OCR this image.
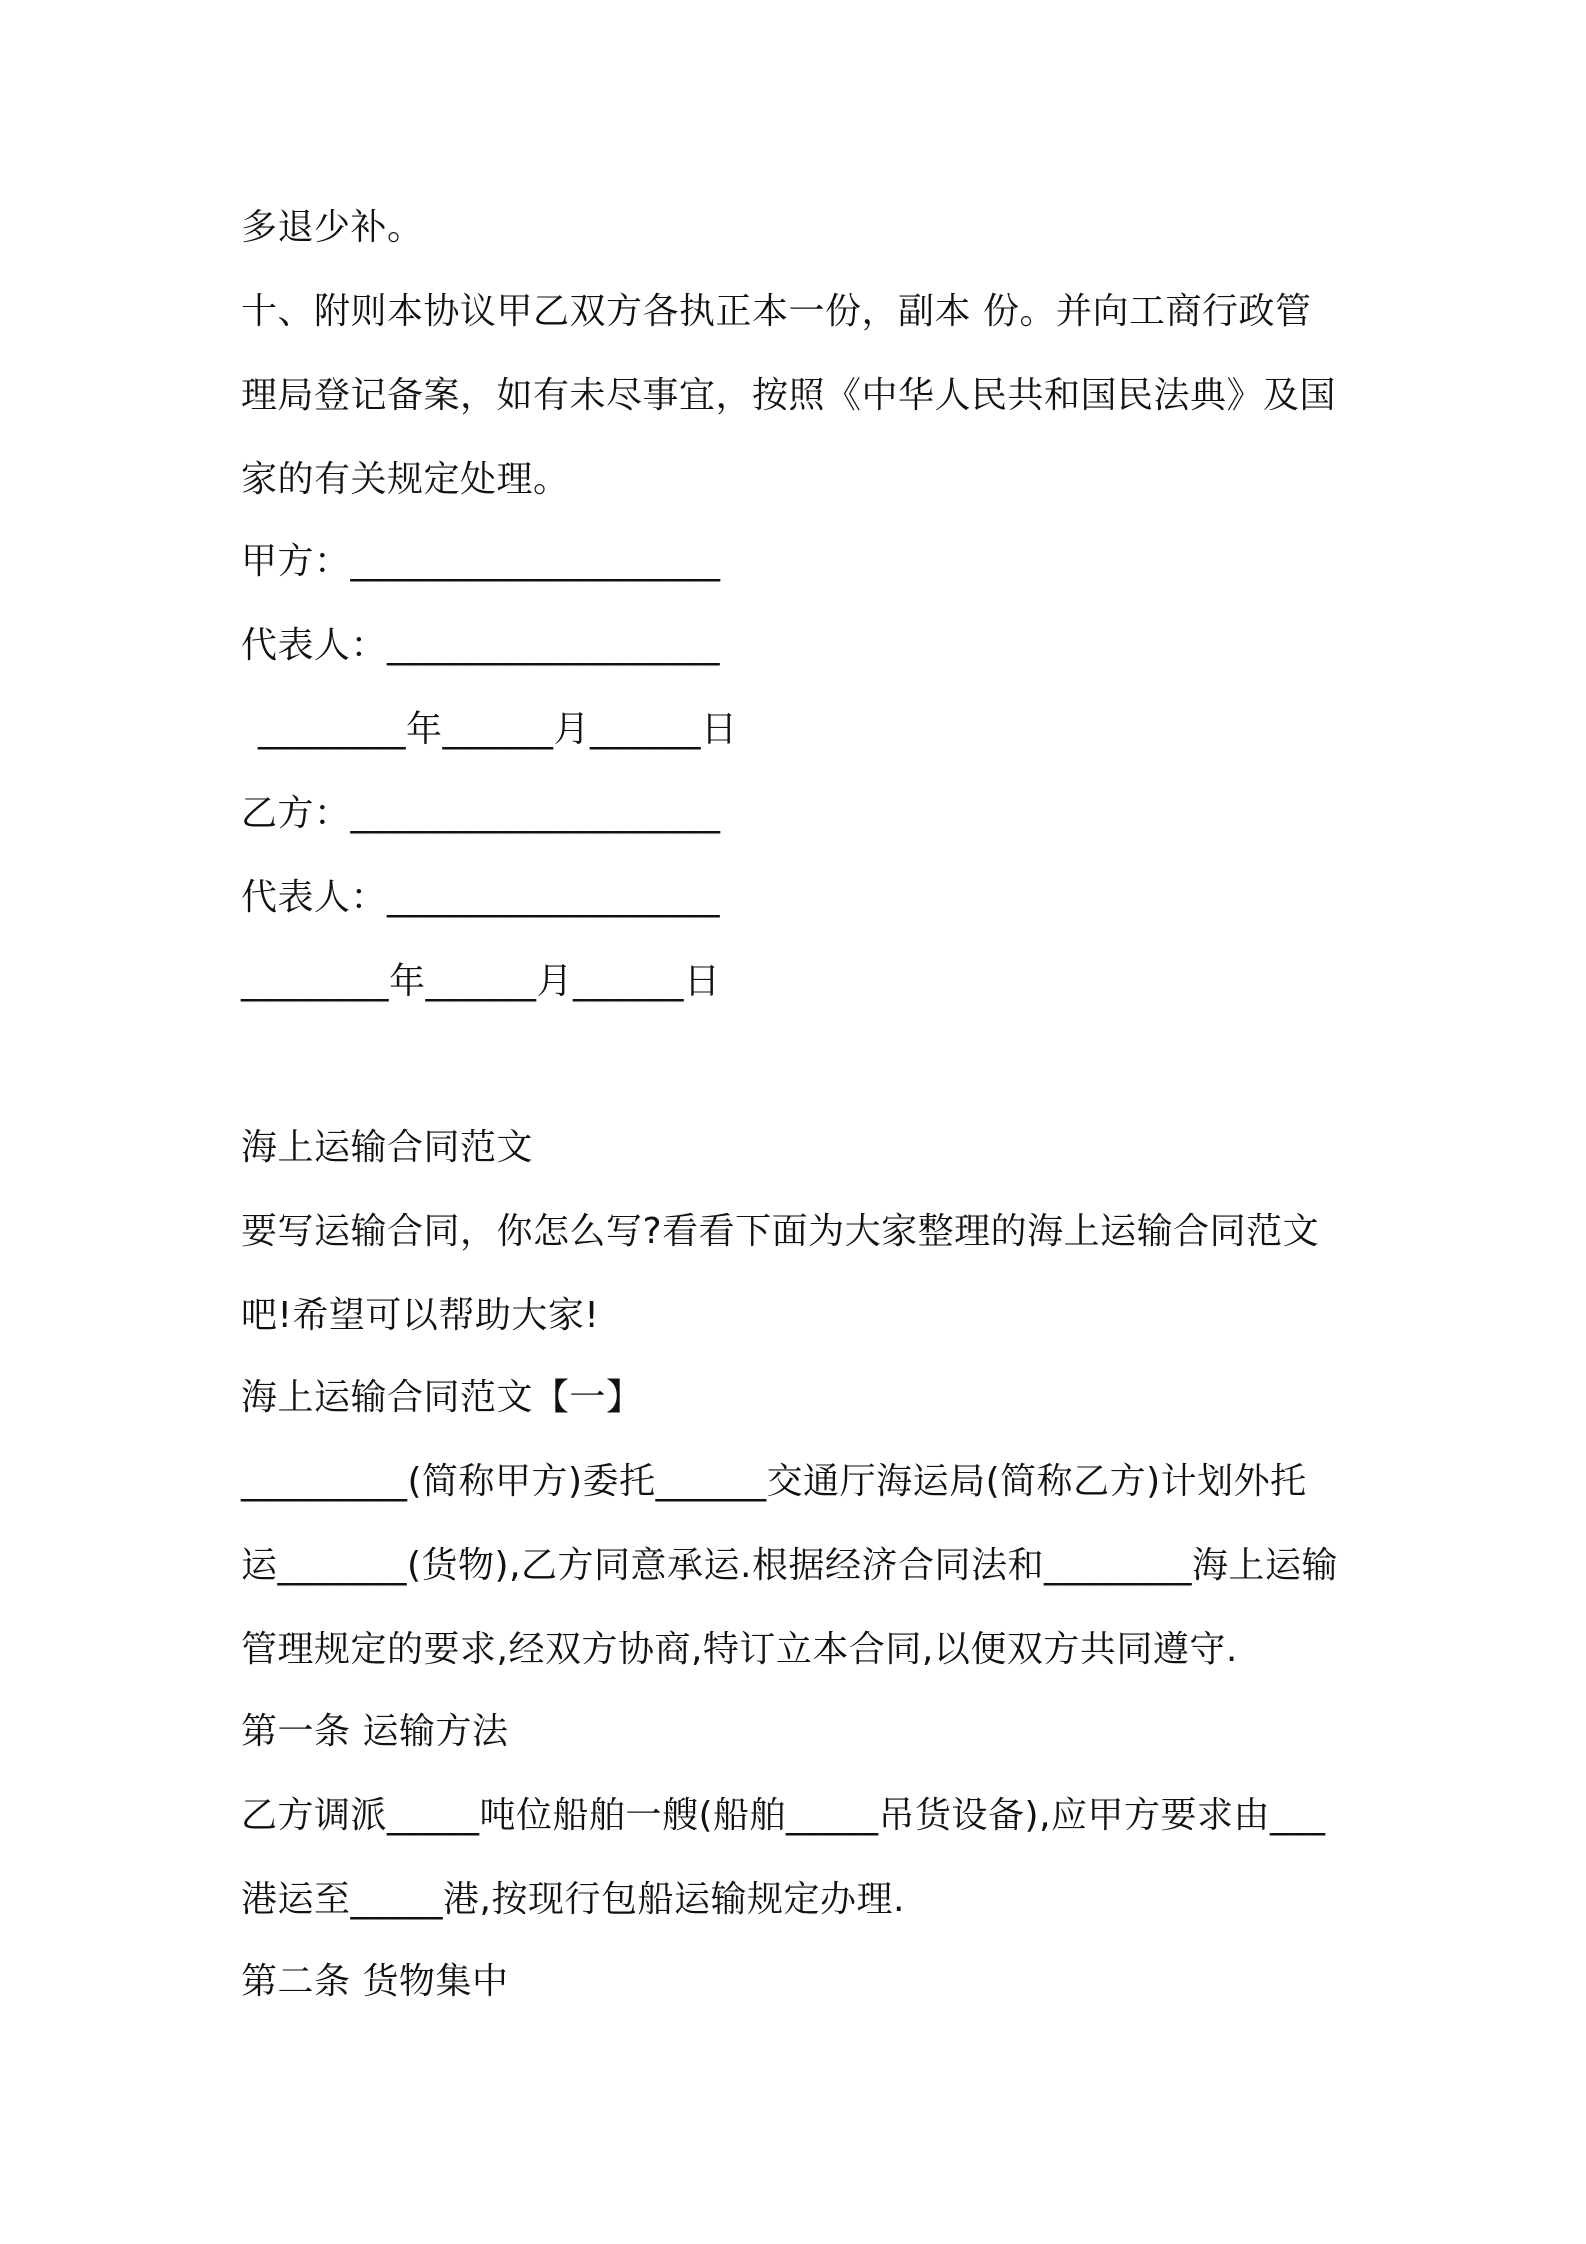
多退少补。
十、附则本协议甲乙双方各执正本一份，副本 份。并向工商行政管
理局登记备案，如有未尽事宜，按照《中华人民共和国民法典》及国
家的有关规定处理。
甲方：____________________
代表人：__________________
________年______月______日
乙方：____________________
代表人：__________________
________年______月______日
海上运输合同范文
要写运输合同，你怎么写?看看下面为大家整理的海上运输合同范文
吧!希望可以帮助大家!
海上运输合同范文【一】
_________(简称甲方)委托______交通厅海运局(简称乙方)计划外托
运_______(货物),乙方同意承运.根据经济合同法和________海上运输
管理规定的要求,经双方协商,特订立本合同,以便双方共同遵守.
第一条 运输方法
乙方调派_____吨位船舶一艘(船舶_____吊货设备),应甲方要求由___
港运至_____港,按现行包船运输规定办理.
第二条 货物集中
